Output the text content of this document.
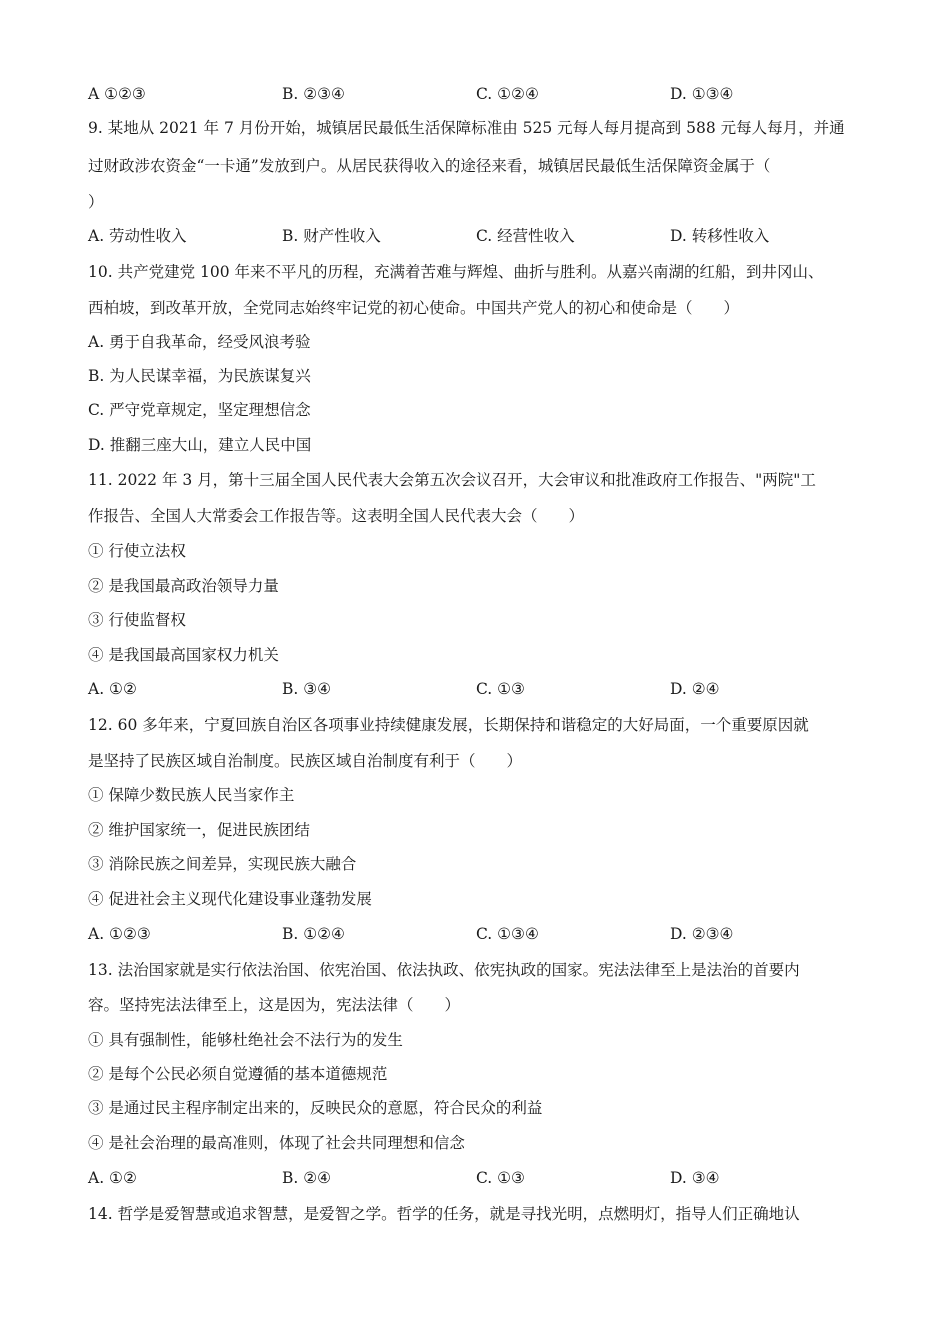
A ①②③	B. ②③④	C. ①②④	D. ①③④
9. 某地从 2021 年 7 月份开始，城镇居民最低生活保障标准由 525 元每人每月提高到 588 元每人每月，并通
过财政涉农资金“一卡通”发放到户。从居民获得收入的途径来看，城镇居民最低生活保障资金属于（
）
A. 劳动性收入	B. 财产性收入	C. 经营性收入	D. 转移性收入
10. 共产党建党 100 年来不平凡的历程，充满着苦难与辉煌、曲折与胜利。从嘉兴南湖的红船，到井冈山、
西柏坡，到改革开放，全党同志始终牢记党的初心使命。中国共产党人的初心和使命是（　　）
A. 勇于自我革命，经受风浪考验
B. 为人民谋幸福，为民族谋复兴
C. 严守党章规定，坚定理想信念
D. 推翻三座大山，建立人民中国
11. 2022 年 3 月，第十三届全国人民代表大会第五次会议召开，大会审议和批准政府工作报告、"两院"工
作报告、全国人大常委会工作报告等。这表明全国人民代表大会（　　）
① 行使立法权
② 是我国最高政治领导力量
③ 行使监督权
④ 是我国最高国家权力机关
A. ①②	B. ③④	C. ①③	D. ②④
12. 60 多年来，宁夏回族自治区各项事业持续健康发展，长期保持和谐稳定的大好局面，一个重要原因就
是坚持了民族区域自治制度。民族区域自治制度有利于（　　）
① 保障少数民族人民当家作主
② 维护国家统一，促进民族团结
③ 消除民族之间差异，实现民族大融合
④ 促进社会主义现代化建设事业蓬勃发展
A. ①②③	B. ①②④	C. ①③④	D. ②③④
13. 法治国家就是实行依法治国、依宪治国、依法执政、依宪执政的国家。宪法法律至上是法治的首要内
容。坚持宪法法律至上，这是因为，宪法法律（　　）
① 具有强制性，能够杜绝社会不法行为的发生
② 是每个公民必须自觉遵循的基本道德规范
③ 是通过民主程序制定出来的，反映民众的意愿，符合民众的利益
④ 是社会治理的最高准则，体现了社会共同理想和信念
A. ①②	B. ②④	C. ①③	D. ③④
14. 哲学是爱智慧或追求智慧，是爱智之学。哲学的任务，就是寻找光明，点燃明灯，指导人们正确地认
